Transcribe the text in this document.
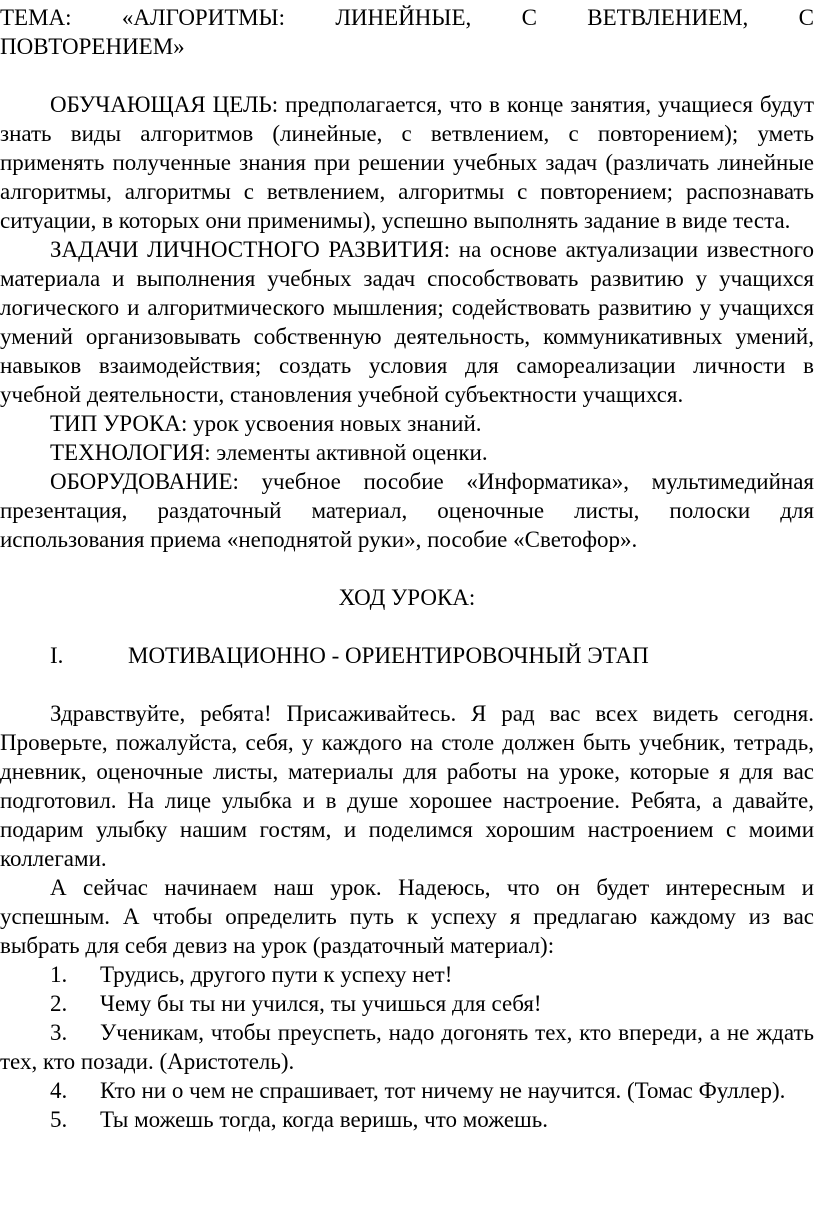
ТЕМА: «АЛГОРИТМЫ: ЛИНЕЙНЫЕ, С ВЕТВЛЕНИЕМ, С

ПОВТОРЕНИЕМ»

ОБУЧАЮЩАЯ ЦЕЛЬ: предполагается, что в конце занятия, учащиеся будут знать виды алгоритмов (линейные, с ветвлением, с повторением); уметь применять полученные знания при решении учебных задач (различать линейные алгоритмы, алгоритмы с ветвлением, алгоритмы с повторением; распознавать ситуации, в которых они применимы), успешно выполнять задание в виде теста.

ЗАДАЧИ ЛИЧНОСТНОГО РАЗВИТИЯ: на основе актуализации известного материала и выполнения учебных задач способствовать развитию у учащихся логического и алгоритмического мышления; содействовать развитию у учащихся умений организовывать собственную деятельность, коммуникативных умений, навыков взаимодействия; создать условия для самореализации личности в учебной деятельности, становления учебной субъектности учащихся.

ТИП УРОКА: урок усвоения новых знаний.

ТЕХНОЛОГИЯ: элементы активной оценки.

ОБОРУДОВАНИЕ: учебное пособие «Информатика», мультимедийная презентация, раздаточный материал, оценочные листы, полоски для использования приема «неподнятой руки», пособие «Светофор».

ХОД УРОКА:

I.	МОТИВАЦИОННО - ОРИЕНТИРОВОЧНЫЙ ЭТАП

Здравствуйте, ребята! Присаживайтесь. Я рад вас всех видеть сегодня. Проверьте, пожалуйста, себя, у каждого на столе должен быть учебник, тетрадь, дневник, оценочные листы, материалы для работы на уроке, которые я для вас подготовил. На лице улыбка и в душе хорошее настроение. Ребята, а давайте, подарим улыбку нашим гостям, и поделимся хорошим настроением с моими коллегами.

А сейчас начинаем наш урок. Надеюсь, что он будет интересным и успешным. А чтобы определить путь к успеху я предлагаю каждому из вас выбрать для себя девиз на урок (раздаточный материал):

1. Трудись, другого пути к успеху нет!

2. Чему бы ты ни учился, ты учишься для себя!

3. Ученикам, чтобы преуспеть, надо догонять тех, кто впереди, а не ждать тех, кто позади. (Аристотель).

4. Кто ни о чем не спрашивает, тот ничему не научится. (Томас Фуллер).

5. Ты можешь тогда, когда веришь, что можешь.
